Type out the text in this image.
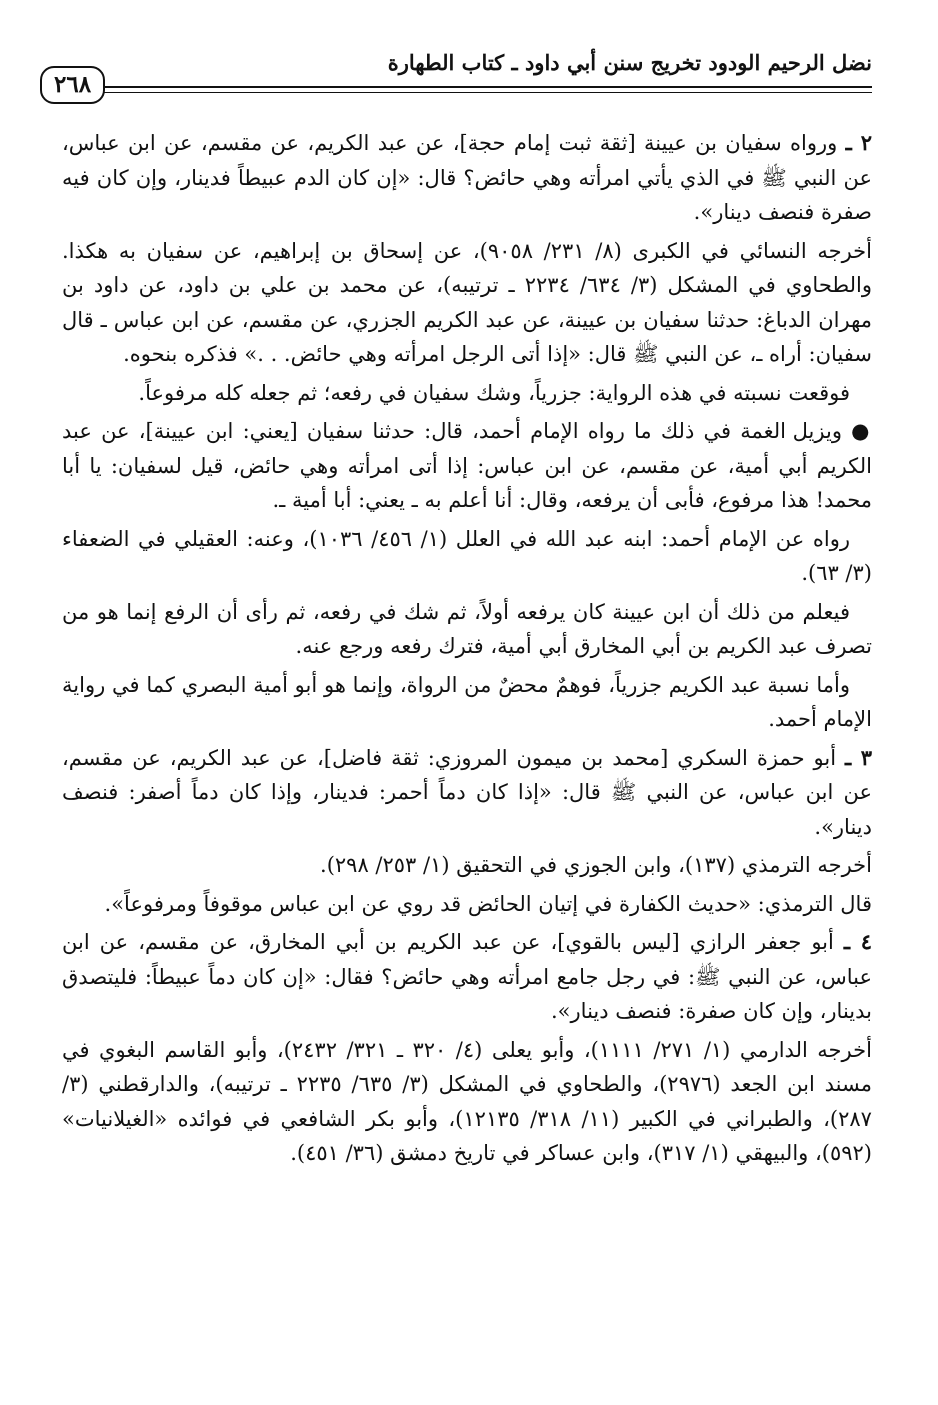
نضل الرحيم الودود تخريج سنن أبي داود ـ كتاب الطهارة
٢٦٨

٢ ـ ورواه سفيان بن عيينة [ثقة ثبت إمام حجة]، عن عبد الكريم، عن مقسم، عن ابن عباس، عن النبي ﷺ في الذي يأتي امرأته وهي حائض؟ قال: «إن كان الدم عبيطاً فدينار، وإن كان فيه صفرة فنصف دينار».

أخرجه النسائي في الكبرى (٨/ ٢٣١/ ٩٠٥٨)، عن إسحاق بن إبراهيم، عن سفيان به هكذا. والطحاوي في المشكل (٣/ ٦٣٤/ ٢٢٣٤ ـ ترتيبه)، عن محمد بن علي بن داود، عن داود بن مهران الدباغ: حدثنا سفيان بن عيينة، عن عبد الكريم الجزري، عن مقسم، عن ابن عباس ـ قال سفيان: أراه ـ، عن النبي ﷺ قال: «إذا أتى الرجل امرأته وهي حائض. . .» فذكره بنحوه.

فوقعت نسبته في هذه الرواية: جزرياً، وشك سفيان في رفعه؛ ثم جعله كله مرفوعاً.

● ويزيل الغمة في ذلك ما رواه الإمام أحمد، قال: حدثنا سفيان [يعني: ابن عيينة]، عن عبد الكريم أبي أمية، عن مقسم، عن ابن عباس: إذا أتى امرأته وهي حائض، قيل لسفيان: يا أبا محمد! هذا مرفوع، فأبى أن يرفعه، وقال: أنا أعلم به ـ يعني: أبا أمية ـ.

رواه عن الإمام أحمد: ابنه عبد الله في العلل (١/ ٤٥٦/ ١٠٣٦)، وعنه: العقيلي في الضعفاء (٣/ ٦٣).

فيعلم من ذلك أن ابن عيينة كان يرفعه أولاً، ثم شك في رفعه، ثم رأى أن الرفع إنما هو من تصرف عبد الكريم بن أبي المخارق أبي أمية، فترك رفعه ورجع عنه.

وأما نسبة عبد الكريم جزرياً، فوهمٌ محضٌ من الرواة، وإنما هو أبو أمية البصري كما في رواية الإمام أحمد.

٣ ـ أبو حمزة السكري [محمد بن ميمون المروزي: ثقة فاضل]، عن عبد الكريم، عن مقسم، عن ابن عباس، عن النبي ﷺ قال: «إذا كان دماً أحمر: فدينار، وإذا كان دماً أصفر: فنصف دينار».

أخرجه الترمذي (١٣٧)، وابن الجوزي في التحقيق (١/ ٢٥٣/ ٢٩٨).

قال الترمذي: «حديث الكفارة في إتيان الحائض قد روي عن ابن عباس موقوفاً ومرفوعاً».

٤ ـ أبو جعفر الرازي [ليس بالقوي]، عن عبد الكريم بن أبي المخارق، عن مقسم، عن ابن عباس، عن النبي ﷺ: في رجل جامع امرأته وهي حائض؟ فقال: «إن كان دماً عبيطاً: فليتصدق بدينار، وإن كان صفرة: فنصف دينار».

أخرجه الدارمي (١/ ٢٧١/ ١١١١)، وأبو يعلى (٤/ ٣٢٠ ـ ٣٢١/ ٢٤٣٢)، وأبو القاسم البغوي في مسند ابن الجعد (٢٩٧٦)، والطحاوي في المشكل (٣/ ٦٣٥/ ٢٢٣٥ ـ ترتيبه)، والدارقطني (٣/ ٢٨٧)، والطبراني في الكبير (١١/ ٣١٨/ ١٢١٣٥)، وأبو بكر الشافعي في فوائده «الغيلانيات» (٥٩٢)، والبيهقي (١/ ٣١٧)، وابن عساكر في تاريخ دمشق (٣٦/ ٤٥١).
